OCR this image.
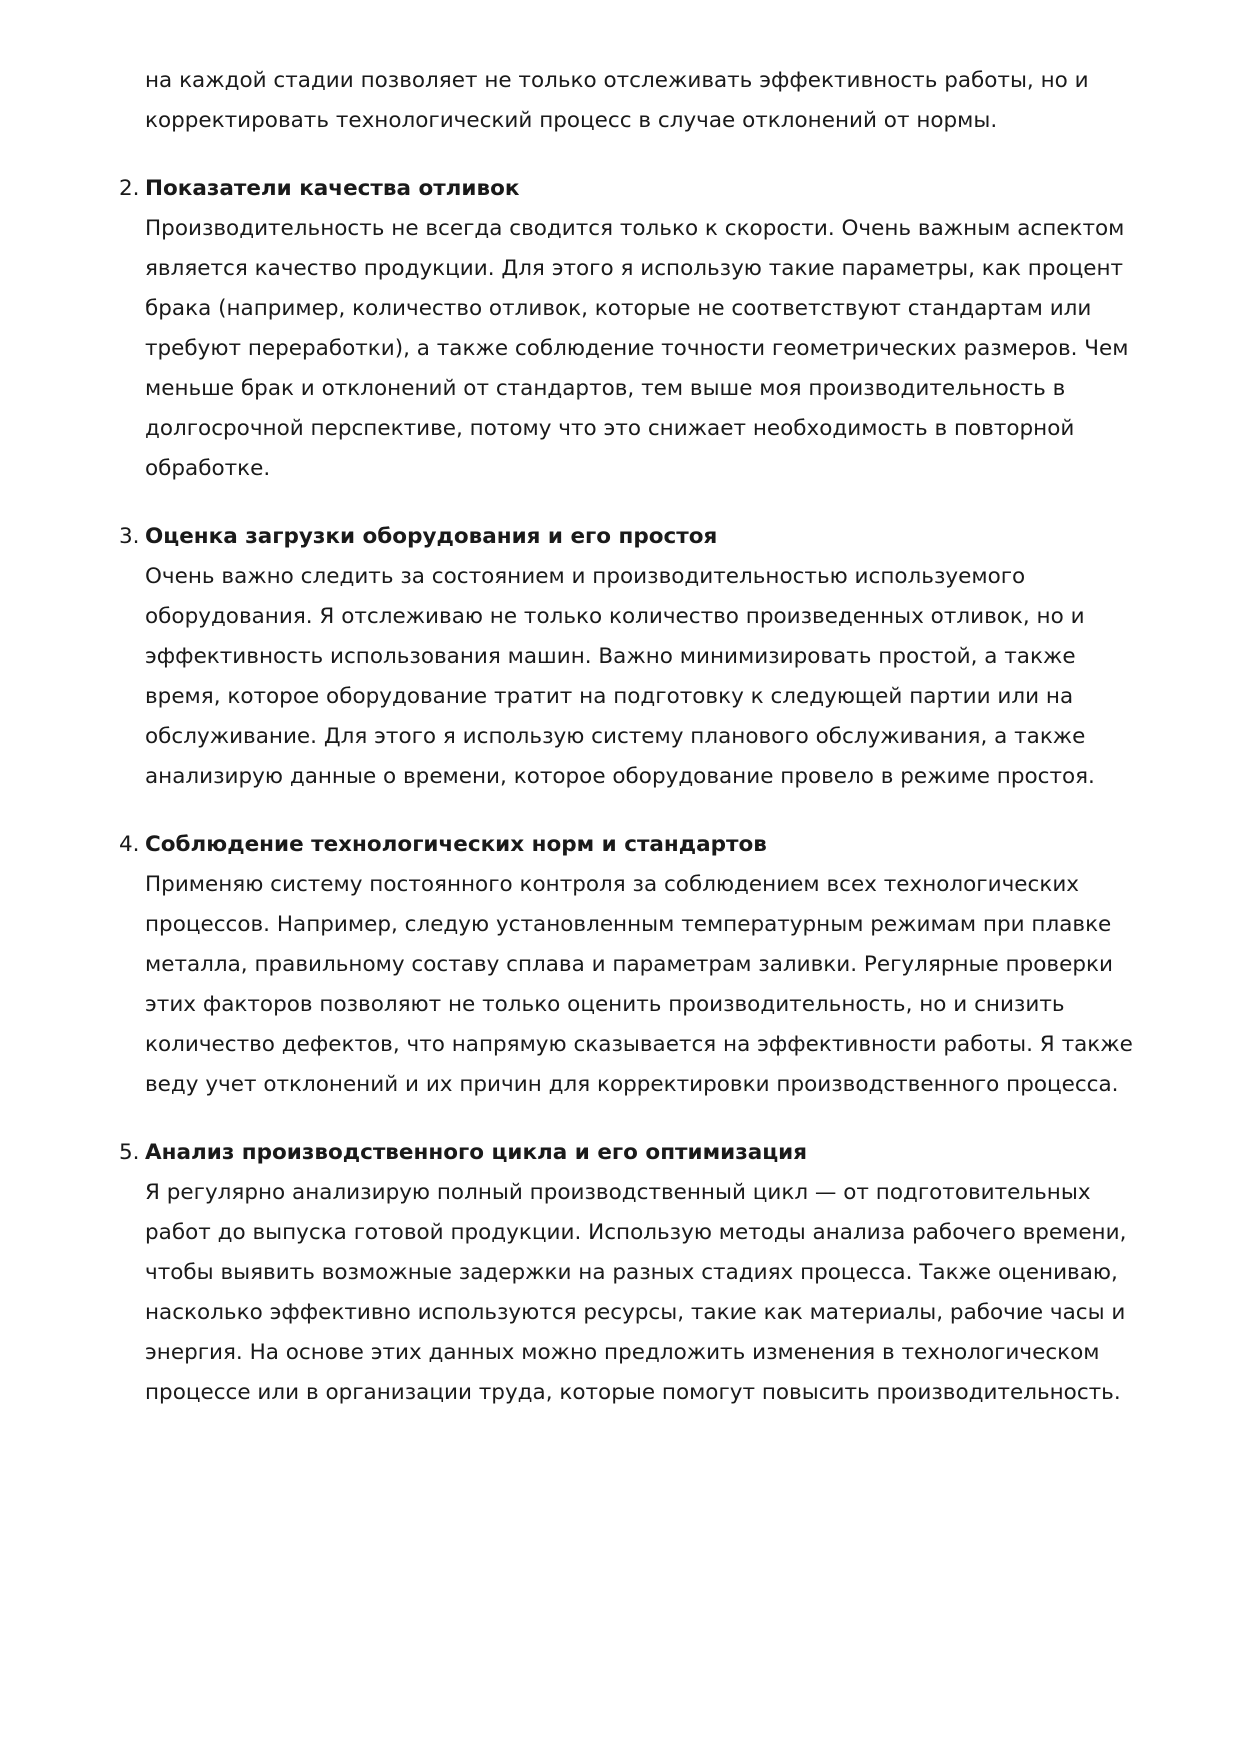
на каждой стадии позволяет не только отслеживать эффективность работы, но и
корректировать технологический процесс в случае отклонений от нормы.

2. Показатели качества отливок

Производительность не всегда сводится только к скорости. Очень важным аспектом
является качество продукции. Для этого я использую такие параметры, как процент
брака (например, количество отливок, которые не соответствуют стандартам или
требуют переработки), а также соблюдение точности геометрических размеров. Чем
меньше брак и отклонений от стандартов, тем выше моя производительность в
долгосрочной перспективе, потому что это снижает необходимость в повторной
обработке.

3. Оценка загрузки оборудования и его простоя

Очень важно следить за состоянием и производительностью используемого
оборудования. Я отслеживаю не только количество произведенных отливок, но и
эффективность использования машин. Важно минимизировать простой, а также
время, которое оборудование тратит на подготовку к следующей партии или на
обслуживание. Для этого я использую систему планового обслуживания, а также
анализирую данные о времени, которое оборудование провело в режиме простоя.

4. Соблюдение технологических норм и стандартов

Применяю систему постоянного контроля за соблюдением всех технологических
процессов. Например, следую установленным температурным режимам при плавке
металла, правильному составу сплава и параметрам заливки. Регулярные проверки
этих факторов позволяют не только оценить производительность, но и снизить
количество дефектов, что напрямую сказывается на эффективности работы. Я также
веду учет отклонений и их причин для корректировки производственного процесса.

5. Анализ производственного цикла и его оптимизация

Я регулярно анализирую полный производственный цикл — от подготовительных
работ до выпуска готовой продукции. Использую методы анализа рабочего времени,
чтобы выявить возможные задержки на разных стадиях процесса. Также оцениваю,
насколько эффективно используются ресурсы, такие как материалы, рабочие часы и
энергия. На основе этих данных можно предложить изменения в технологическом
процессе или в организации труда, которые помогут повысить производительность.
